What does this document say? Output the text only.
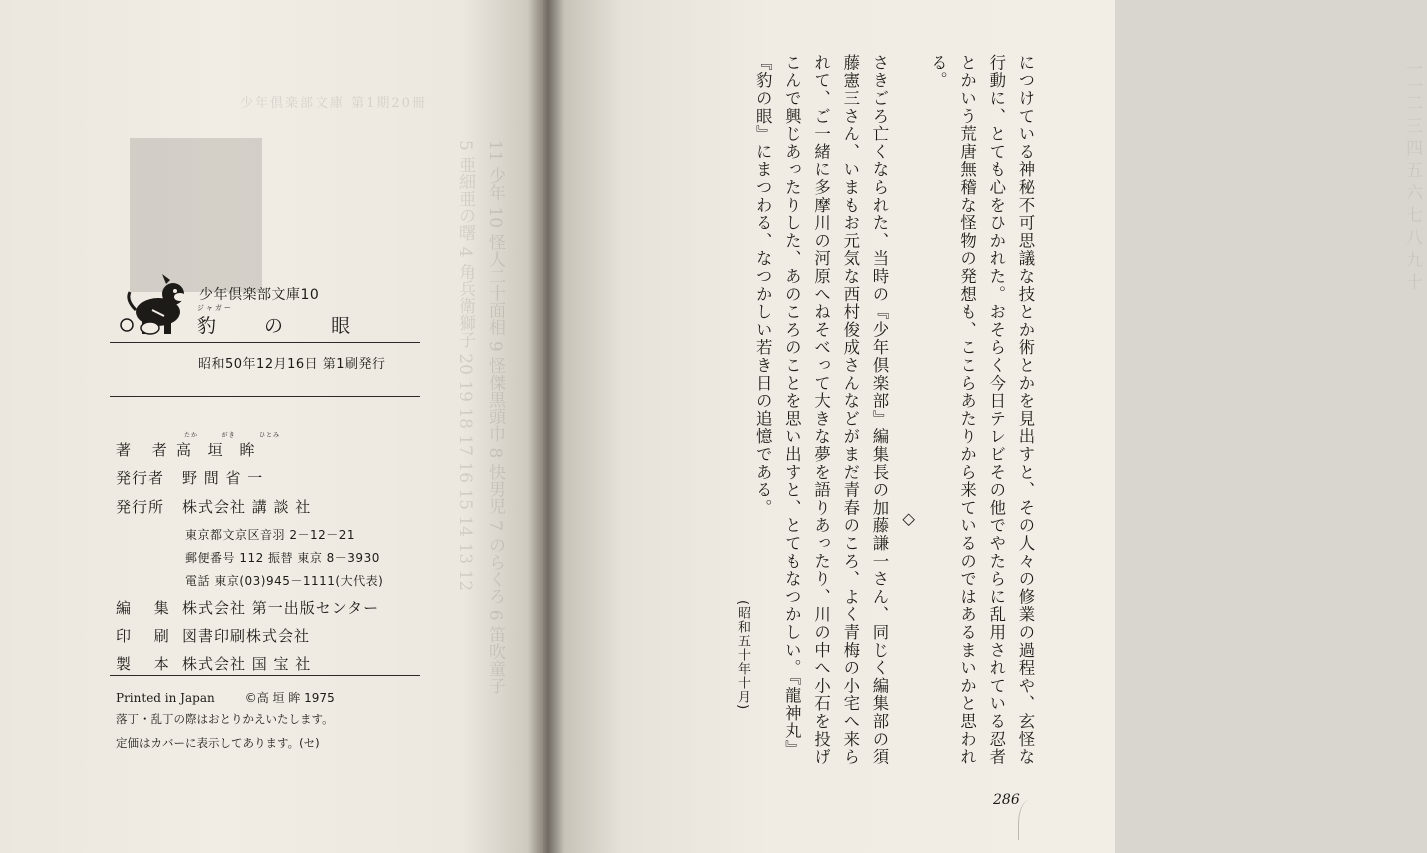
少年倶楽部文庫 第1期20冊
11 少年 10 怪人二十面相 9 怪傑黒頭巾 8 快男児 7 のらくろ 6 笛吹童子 5 亜細亜の曙 4 角兵衛獅子 20 19 18 17 16 15 14 13 12
少年倶楽部文庫10
ジャガー
豹 の 眼
昭和50年12月16日 第1刷発行
たか	がき	ひとみ
著 者高 垣 眸
発行者 野 間 省 一
発行所 株式会社 講 談 社
東京都文京区音羽 2－12－21
郵便番号 112 振替 東京 8－3930
電話 東京(03)945－1111(大代表)
編 集 株式会社 第一出版センター
印 刷 図書印刷株式会社
製 本 株式会社 国 宝 社
Printed in Japan	©高 垣 眸 1975
落丁・乱丁の際はおとりかえいたします。
定価はカバーに表示してあります。(セ)
一一二 三 四 五 六 七 八 九 十

につけている神秘不可思議な技とか術とかを見出すと、その人々の修業の過程や、玄怪な行動に、とても心をひかれた。おそらく今日テレビその他でやたらに乱用されている忍者とかいう荒唐無稽な怪物の発想も、ここらあたりから来ているのではあるまいかと思われる。

◇

さきごろ亡くなられた、当時の『少年倶楽部』編集長の加藤謙一さん、同じく編集部の須藤憲三さん、いまもお元気な西村俊成さんなどがまだ青春のころ、よく青梅の小宅へ来られて、ご一緒に多摩川の河原へねそべって大きな夢を語りあったり、川の中へ小石を投げこんで興じあったりした、あのころのことを思い出すと、とてもなつかしい。『龍神丸』『豹の眼』にまつわる、なつかしい若き日の追憶である。

(昭和五十年十月)
286
